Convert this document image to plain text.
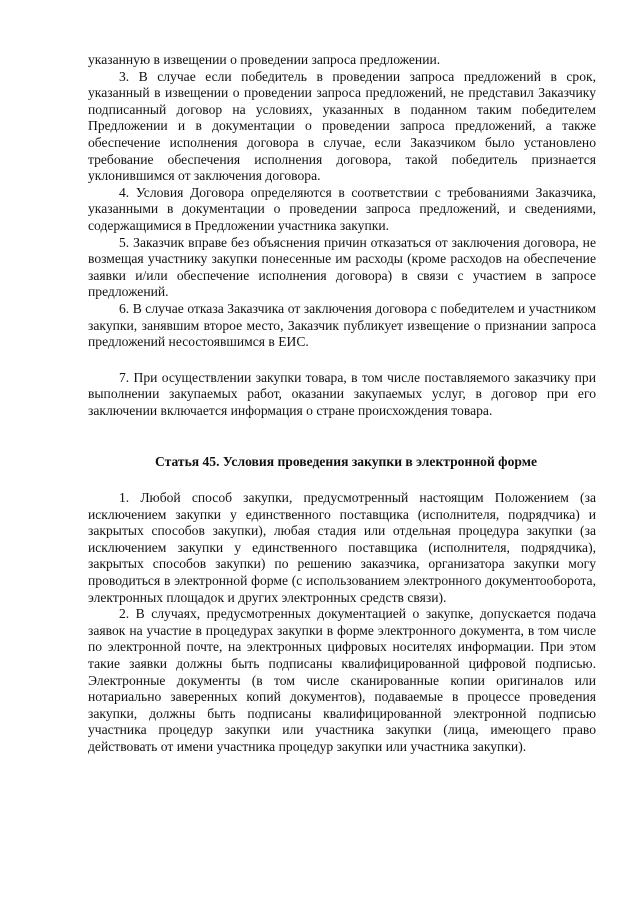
указанную в извещении о проведении запроса предложении.

3. В случае если победитель в проведении запроса предложений в срок, указанный в извещении о проведении запроса предложений, не представил Заказчику подписанный договор на условиях, указанных в поданном таким победителем Предложении и в документации о проведении запроса предложений, а также обеспечение исполнения договора в случае, если Заказчиком было установлено требование обеспечения исполнения договора, такой победитель признается уклонившимся от заключения договора.

4. Условия Договора определяются в соответствии с требованиями Заказчика, указанными в документации о проведении запроса предложений, и сведениями, содержащимися в Предложении участника закупки.

5. Заказчик вправе без объяснения причин отказаться от заключения договора, не возмещая участнику закупки понесенные им расходы (кроме расходов на обеспечение заявки и/или обеспечение исполнения договора) в связи с участием в запросе предложений.

6. В случае отказа Заказчика от заключения договора с победителем и участником закупки, занявшим второе место, Заказчик публикует извещение о признании запроса предложений несостоявшимся в ЕИС.

7. При осуществлении закупки товара, в том числе поставляемого заказчику при выполнении закупаемых работ, оказании закупаемых услуг, в договор при его заключении включается информация о стране происхождения товара.

Статья 45. Условия проведения закупки в электронной форме

1. Любой способ закупки, предусмотренный настоящим Положением (за исключением закупки у единственного поставщика (исполнителя, подрядчика) и закрытых способов закупки), любая стадия или отдельная процедура закупки (за исключением закупки у единственного поставщика (исполнителя, подрядчика), закрытых способов закупки) по решению заказчика, организатора закупки могу проводиться в электронной форме (с использованием электронного документооборота, электронных площадок и других электронных средств связи).

2. В случаях, предусмотренных документацией о закупке, допускается подача заявок на участие в процедурах закупки в форме электронного документа, в том числе по электронной почте, на электронных цифровых носителях информации. При этом такие заявки должны быть подписаны квалифицированной цифровой подписью. Электронные документы (в том числе сканированные копии оригиналов или нотариально заверенных копий документов), подаваемые в процессе проведения закупки, должны быть подписаны квалифицированной электронной подписью участника процедур закупки или участника закупки (лица, имеющего право действовать от имени участника процедур закупки или участника закупки).
